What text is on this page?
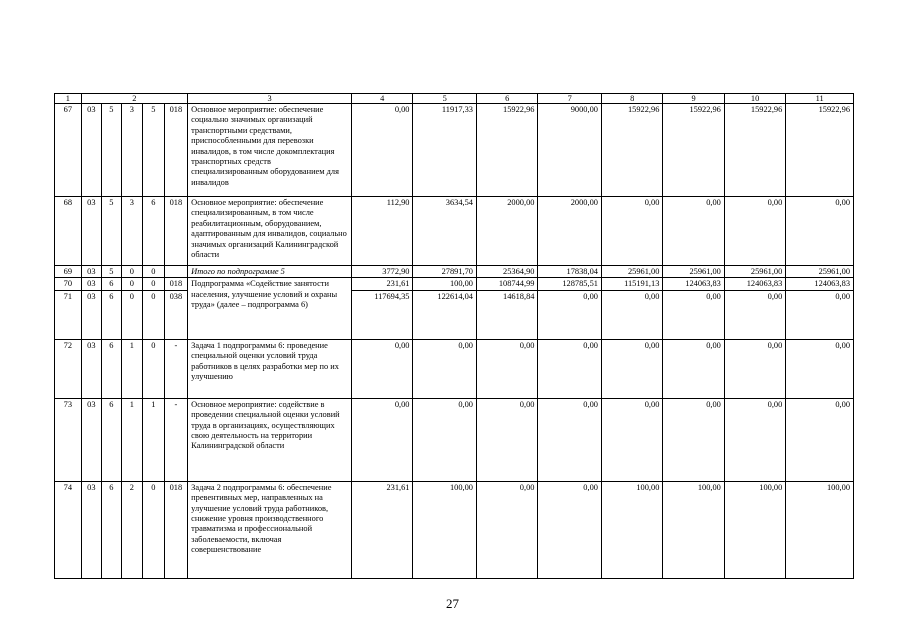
1	2					3	4	5	6	7	8	9	10	11
67	03	5	3	5	018	Основное мероприятие: обеспечение социально значимых организаций транспортными средствами, приспособленными для перевозки инвалидов, в том числе докомплектация транспортных средств специализированным оборудованием для инвалидов	0,00	11917,33	15922,96	9000,00	15922,96	15922,96	15922,96	15922,96
68	03	5	3	6	018	Основное мероприятие: обеспечение специализированным, в том числе реабилитационным, оборудованием, адаптированным для инвалидов, социально значимых организаций Калининградской области	112,90	3634,54	2000,00	2000,00	0,00	0,00	0,00	0,00
69	03	5	0	0		Итого по подпрограмме 5	3772,90	27891,70	25364,90	17838,04	25961,00	25961,00	25961,00	25961,00
70	03	6	0	0	018	Подпрограмма «Содействие занятости населения, улучшение условий и охраны труда» (далее – подпрограмма 6)	231,61	100,00	108744,99	128785,51	115191,13	124063,83	124063,83	124063,83
71	03	6	0	0	038		117694,35	122614,04	14618,84	0,00	0,00	0,00	0,00	0,00
72	03	6	1	0	-	Задача 1 подпрограммы 6: проведение специальной оценки условий труда работников в целях разработки мер по их улучшению	0,00	0,00	0,00	0,00	0,00	0,00	0,00	0,00
73	03	6	1	1	-	Основное мероприятие: содействие в проведении специальной оценки условий труда в организациях, осуществляющих свою деятельность на территории Калининградской области	0,00	0,00	0,00	0,00	0,00	0,00	0,00	0,00
74	03	6	2	0	018	Задача 2 подпрограммы 6: обеспечение превентивных мер, направленных на улучшение условий труда работников, снижение уровня производственного травматизма и профессиональной заболеваемости, включая совершенствование	231,61	100,00	0,00	0,00	100,00	100,00	100,00	100,00
27
